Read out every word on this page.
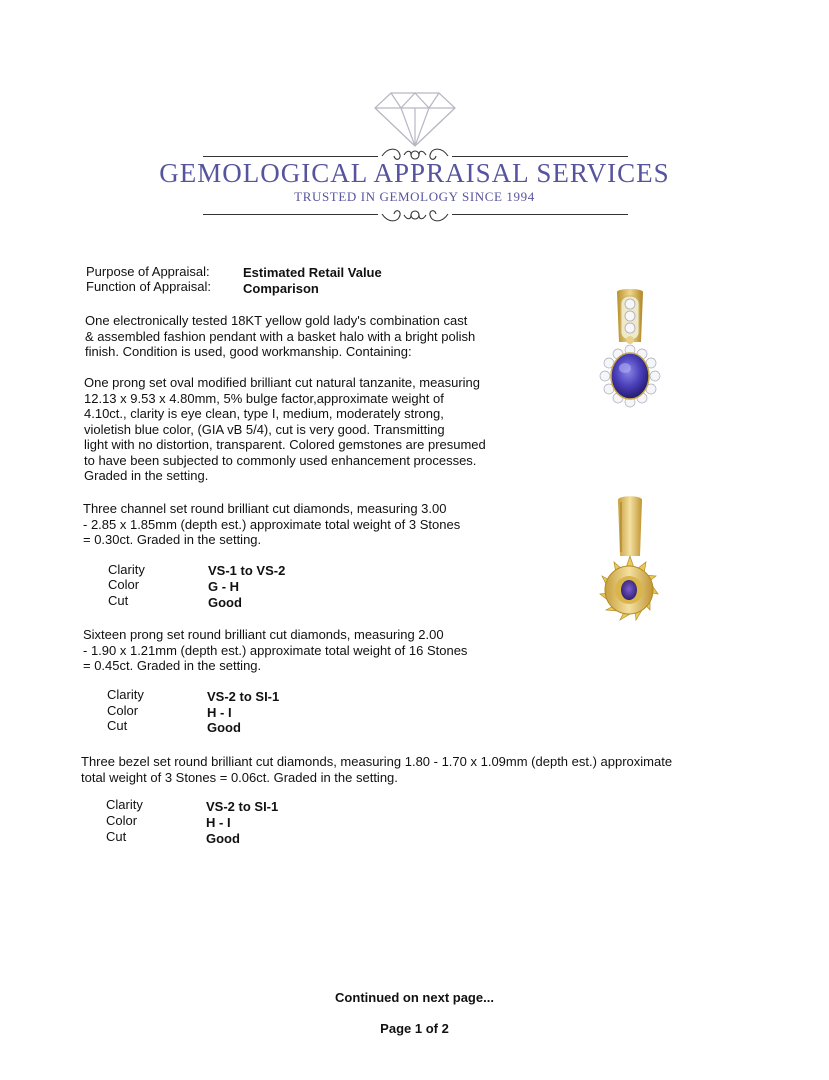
GEMOLOGICAL APPRAISAL SERVICES
TRUSTED IN GEMOLOGY SINCE 1994
Purpose of Appraisal:	Estimated Retail Value
Function of Appraisal: Comparison
One electronically tested 18KT yellow gold lady's combination cast
& assembled fashion pendant with a basket halo with a bright polish
finish. Condition is used, good workmanship. Containing:
One prong set oval modified brilliant cut natural tanzanite, measuring
12.13 x 9.53 x 4.80mm, 5% bulge factor,approximate weight of
4.10ct., clarity is eye clean, type I, medium, moderately strong,
violetish blue color, (GIA vB 5/4), cut is very good. Transmitting
light with no distortion, transparent. Colored gemstones are presumed
to have been subjected to commonly used enhancement processes.
Graded in the setting.
Three channel set round brilliant cut diamonds, measuring 3.00
- 2.85 x 1.85mm (depth est.) approximate total weight of 3 Stones
= 0.30ct. Graded in the setting.
Clarity	VS-1 to VS-2
Color	G - H
Cut	Good
Sixteen prong set round brilliant cut diamonds, measuring 2.00
- 1.90 x 1.21mm (depth est.) approximate total weight of 16 Stones
= 0.45ct. Graded in the setting.
Clarity	VS-2 to SI-1
Color	H - I
Cut	Good
Three bezel set round brilliant cut diamonds, measuring 1.80 - 1.70 x 1.09mm (depth est.) approximate
total weight of 3 Stones = 0.06ct. Graded in the setting.
Clarity	VS-2 to SI-1
Color	H - I
Cut	Good
Continued on next page...
Page 1 of 2
